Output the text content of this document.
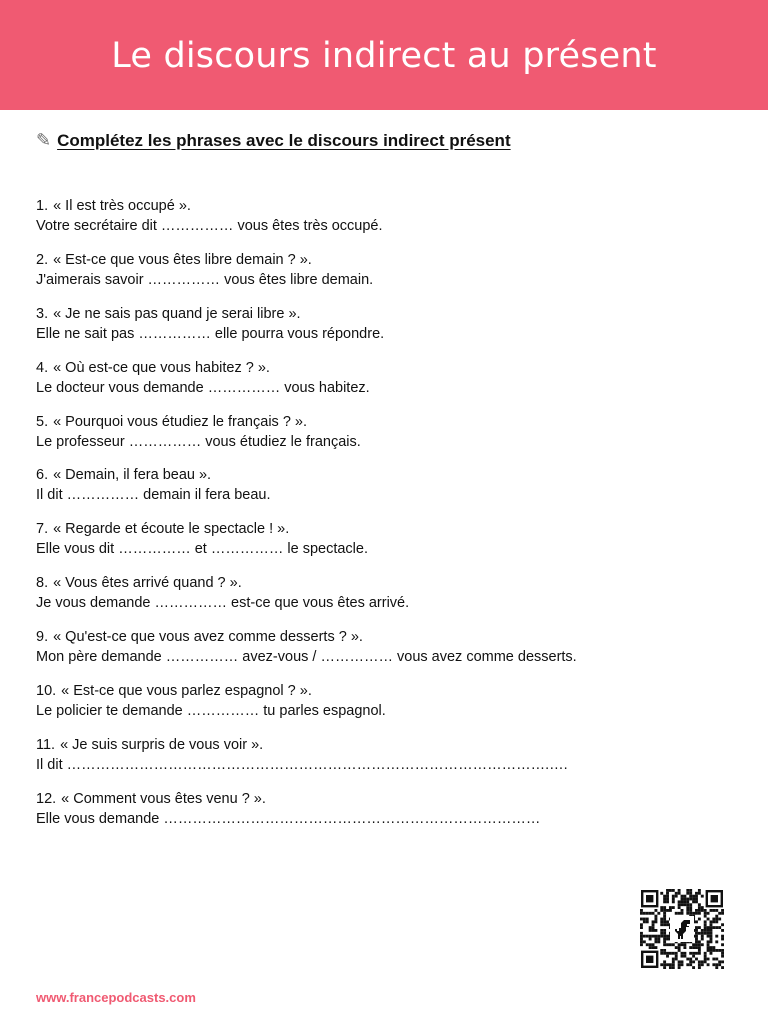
Le discours indirect au présent
✎ Complétez les phrases avec le discours indirect présent
1. « Il est très occupé ».
Votre secrétaire dit …………… vous êtes très occupé.
2. « Est-ce que vous êtes libre demain ? ».
J'aimerais savoir …………… vous êtes libre demain.
3. « Je ne sais pas quand je serai libre ».
Elle ne sait pas …………… elle pourra vous répondre.
4. « Où est-ce que vous habitez ? ».
Le docteur vous demande …………… vous habitez.
5. « Pourquoi vous étudiez le français ? ».
Le professeur …………… vous étudiez le français.
6. « Demain, il fera beau ».
Il dit …………… demain il fera beau.
7. « Regarde et écoute le spectacle ! ».
Elle vous dit …………… et …………… le spectacle.
8. « Vous êtes arrivé quand ? ».
Je vous demande …………… est-ce que vous êtes arrivé.
9. « Qu'est-ce que vous avez comme desserts ? ».
Mon père demande …………… avez-vous / …………… vous avez comme desserts.
10. « Est-ce que vous parlez espagnol ? ».
Le policier te demande …………… tu parles espagnol.
11. « Je suis surpris de vous voir ».
Il dit ……………………………………………………………………………………….….
12. « Comment vous êtes venu ? ».
Elle vous demande ……………………………………………………………………
www.francepodcasts.com
